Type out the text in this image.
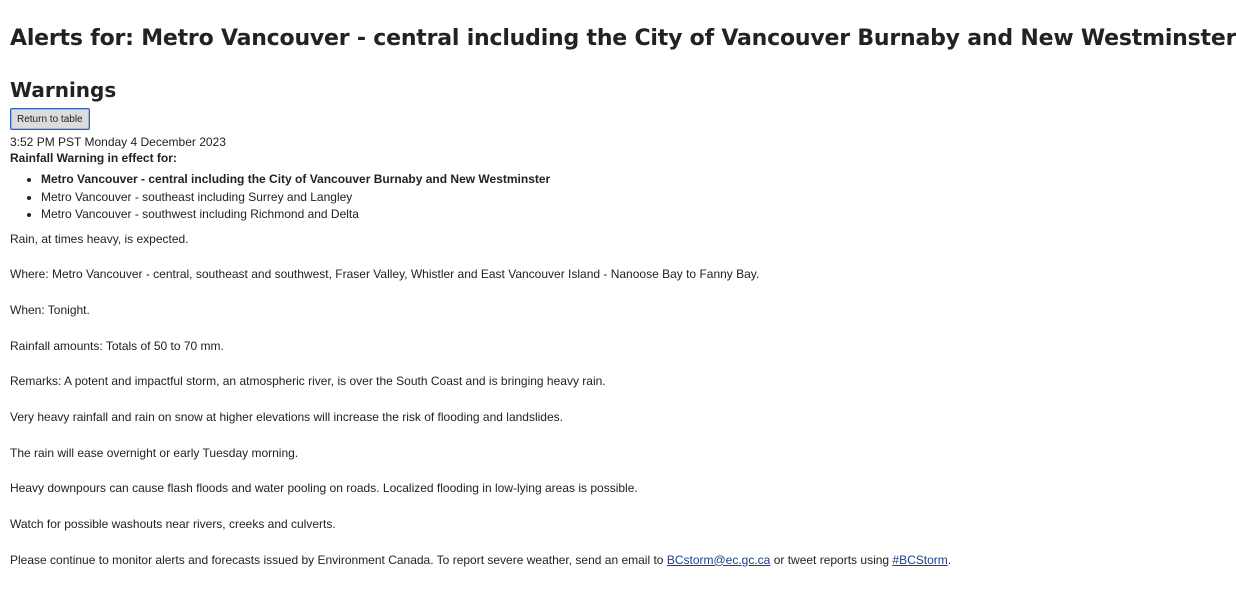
Alerts for: Metro Vancouver - central including the City of Vancouver Burnaby and New Westminster
Warnings
Return to table

3:52 PM PST Monday 4 December 2023

Rainfall Warning in effect for:

• Metro Vancouver - central including the City of Vancouver Burnaby and New Westminster
• Metro Vancouver - southeast including Surrey and Langley
• Metro Vancouver - southwest including Richmond and Delta

Rain, at times heavy, is expected.

Where: Metro Vancouver - central, southeast and southwest, Fraser Valley, Whistler and East Vancouver Island - Nanoose Bay to Fanny Bay.

When: Tonight.

Rainfall amounts: Totals of 50 to 70 mm.

Remarks: A potent and impactful storm, an atmospheric river, is over the South Coast and is bringing heavy rain.

Very heavy rainfall and rain on snow at higher elevations will increase the risk of flooding and landslides.

The rain will ease overnight or early Tuesday morning.

Heavy downpours can cause flash floods and water pooling on roads. Localized flooding in low-lying areas is possible.

Watch for possible washouts near rivers, creeks and culverts.

Please continue to monitor alerts and forecasts issued by Environment Canada. To report severe weather, send an email to BCstorm@ec.gc.ca or tweet reports using #BCStorm.
